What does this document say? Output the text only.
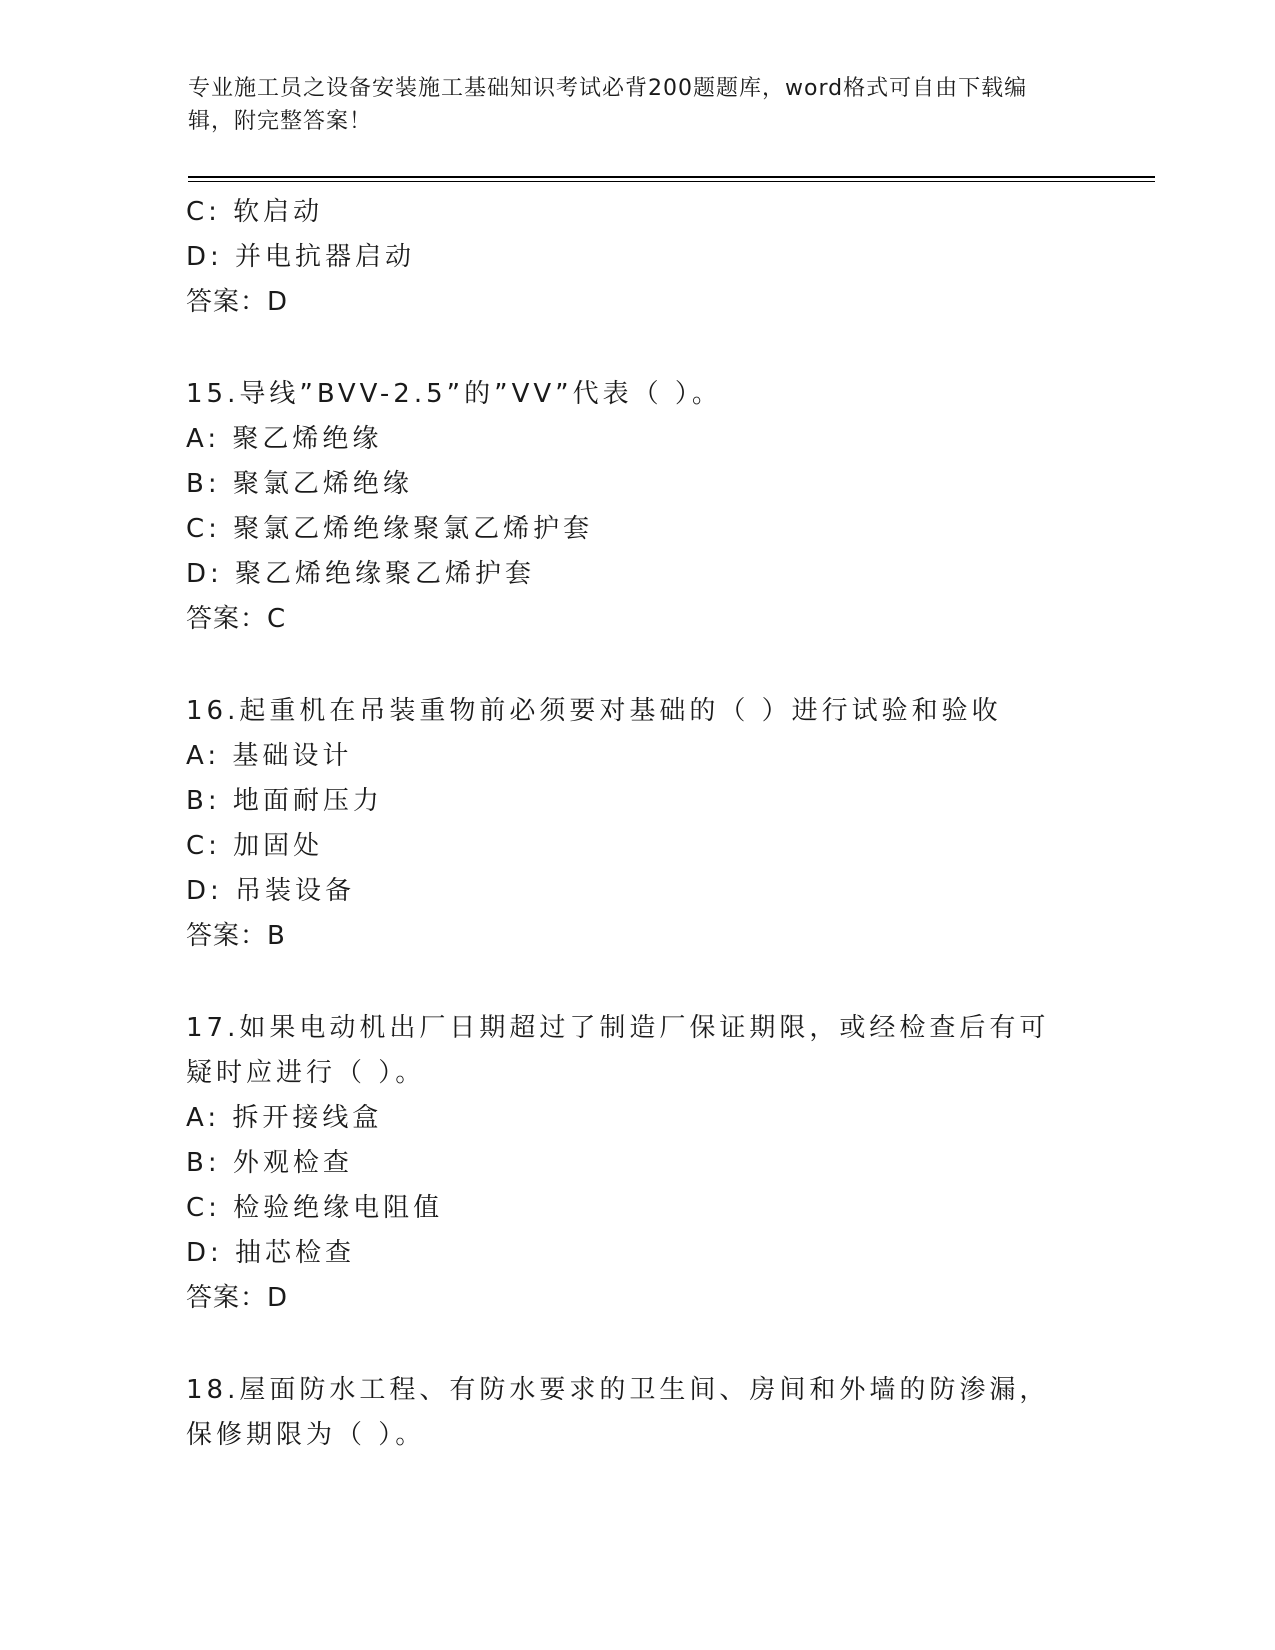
专业施工员之设备安装施工基础知识考试必背200题题库，word格式可自由下载编辑，附完整答案！

C: 软启动

D: 并电抗器启动

答案：D

15.导线”BVV-2.5”的”VV”代表（ ）。

A: 聚乙烯绝缘

B: 聚氯乙烯绝缘

C: 聚氯乙烯绝缘聚氯乙烯护套

D: 聚乙烯绝缘聚乙烯护套

答案：C

16.起重机在吊装重物前必须要对基础的（ ）进行试验和验收

A: 基础设计

B: 地面耐压力

C: 加固处

D: 吊装设备

答案：B

17.如果电动机出厂日期超过了制造厂保证期限，或经检查后有可疑时应进行（ ）。

A: 拆开接线盒

B: 外观检查

C: 检验绝缘电阻值

D: 抽芯检查

答案：D

18.屋面防水工程、有防水要求的卫生间、房间和外墙的防渗漏，保修期限为（ ）。
